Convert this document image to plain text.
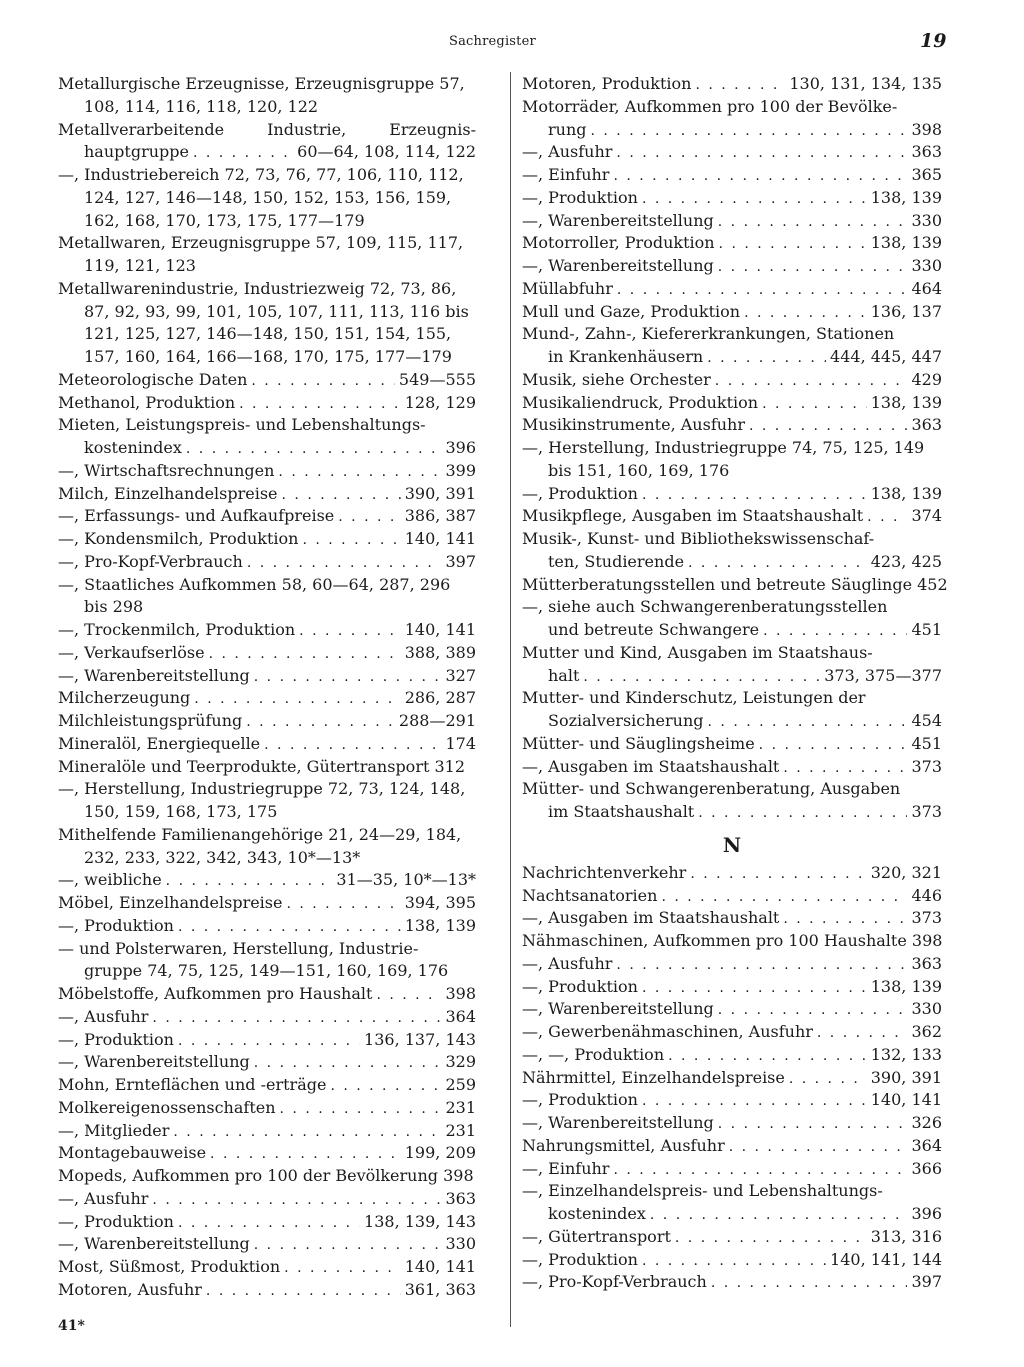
Sachregister	19
Metallurgische Erzeugnisse, Erzeugnisgruppe 57,
108, 114, 116, 118, 120, 122
Metallverarbeitende	Industrie,	Erzeugnis-
hauptgruppe . . .	60—64, 108, 114, 122
—, Industriebereich 72, 73, 76, 77, 106, 110, 112,
124, 127, 146—148, 150, 152, 153, 156, 159,
162, 168, 170, 173, 175, 177—179
Metallwaren, Erzeugnisgruppe 57, 109, 115, 117,
119, 121, 123
Metallwarenindustrie, Industriezweig 72, 73, 86,
87, 92, 93, 99, 101, 105, 107, 111, 113, 116 bis
121, 125, 127, 146—148, 150, 151, 154, 155,
157, 160, 164, 166—168, 170, 175, 177—179
Meteorologische Daten . . .	549—555
Methanol, Produktion . . .	128, 129
Mieten, Leistungspreis- und Lebenshaltungs-
kostenindex . . .	396
—, Wirtschaftsrechnungen . . .	399
Milch, Einzelhandelspreise . . .	390, 391
—, Erfassungs- und Aufkaufpreise . . .	386, 387
—, Kondensmilch, Produktion . . .	140, 141
—, Pro-Kopf-Verbrauch . . .	397
—, Staatliches Aufkommen 58, 60—64, 287, 296
bis 298
—, Trockenmilch, Produktion . . .	140, 141
—, Verkaufserlöse . . .	388, 389
—, Warenbereitstellung . . .	327
Milcherzeugung . . .	286, 287
Milchleistungsprüfung . . .	288—291
Mineralöl, Energiequelle . . .	174
Mineralöle und Teerprodukte, Gütertransport 312
—, Herstellung, Industriegruppe 72, 73, 124, 148,
150, 159, 168, 173, 175
Mithelfende Familienangehörige 21, 24—29, 184,
232, 233, 322, 342, 343, 10*—13*
—, weibliche . . .	31—35, 10*—13*
Möbel, Einzelhandelspreise . . .	394, 395
—, Produktion . . .	138, 139
— und Polsterwaren, Herstellung, Industrie-
gruppe 74, 75, 125, 149—151, 160, 169, 176
Möbelstoffe, Aufkommen pro Haushalt . . .	398
—, Ausfuhr . . .	364
—, Produktion . . .	136, 137, 143
—, Warenbereitstellung . . .	329
Mohn, Ernteflächen und -erträge . . .	259
Molkereigenossenschaften . . .	231
—, Mitglieder . . .	231
Montagebauweise . . .	199, 209
Mopeds, Aufkommen pro 100 der Bevölkerung 398
—, Ausfuhr . . .	363
—, Produktion . . .	138, 139, 143
—, Warenbereitstellung . . .	330
Most, Süßmost, Produktion . . .	140, 141
Motoren, Ausfuhr . . .	361, 363
Motoren, Produktion . . .	130, 131, 134, 135
Motorräder, Aufkommen pro 100 der Bevölke-
rung . . .	398
—, Ausfuhr . . .	363
—, Einfuhr . . .	365
—, Produktion . . .	138, 139
—, Warenbereitstellung . . .	330
Motorroller, Produktion . . .	138, 139
—, Warenbereitstellung . . .	330
Müllabfuhr . . .	464
Mull und Gaze, Produktion . . .	136, 137
Mund-, Zahn-, Kiefererkrankungen, Stationen
in Krankenhäusern . . .	444, 445, 447
Musik, siehe Orchester . . .	429
Musikaliendruck, Produktion . . .	138, 139
Musikinstrumente, Ausfuhr . . .	363
—, Herstellung, Industriegruppe 74, 75, 125, 149
bis 151, 160, 169, 176
—, Produktion . . .	138, 139
Musikpflege, Ausgaben im Staatshaushalt . . .	374
Musik-, Kunst- und Bibliothekswissenschaf-
ten, Studierende . . .	423, 425
Mütterberatungsstellen und betreute Säuglinge 452
—, siehe auch Schwangerenberatungsstellen
und betreute Schwangere . . .	451
Mutter und Kind, Ausgaben im Staatshaus-
halt . . .	373, 375—377
Mutter- und Kinderschutz, Leistungen der
Sozialversicherung . . .	454
Mütter- und Säuglingsheime . . .	451
—, Ausgaben im Staatshaushalt . . .	373
Mütter- und Schwangerenberatung, Ausgaben
im Staatshaushalt . . .	373
N
Nachrichtenverkehr . . .	320, 321
Nachtsanatorien . . .	446
—, Ausgaben im Staatshaushalt . . .	373
Nähmaschinen, Aufkommen pro 100 Haushalte 398
—, Ausfuhr . . .	363
—, Produktion . . .	138, 139
—, Warenbereitstellung . . .	330
—, Gewerbenähmaschinen, Ausfuhr . . .	362
—, —, Produktion . . .	132, 133
Nährmittel, Einzelhandelspreise . . .	390, 391
—, Produktion . . .	140, 141
—, Warenbereitstellung . . .	326
Nahrungsmittel, Ausfuhr . . .	364
—, Einfuhr . . .	366
—, Einzelhandelspreis- und Lebenshaltungs-
kostenindex . . .	396
—, Gütertransport . . .	313, 316
—, Produktion . . .	140, 141, 144
—, Pro-Kopf-Verbrauch . . .	397
41*
